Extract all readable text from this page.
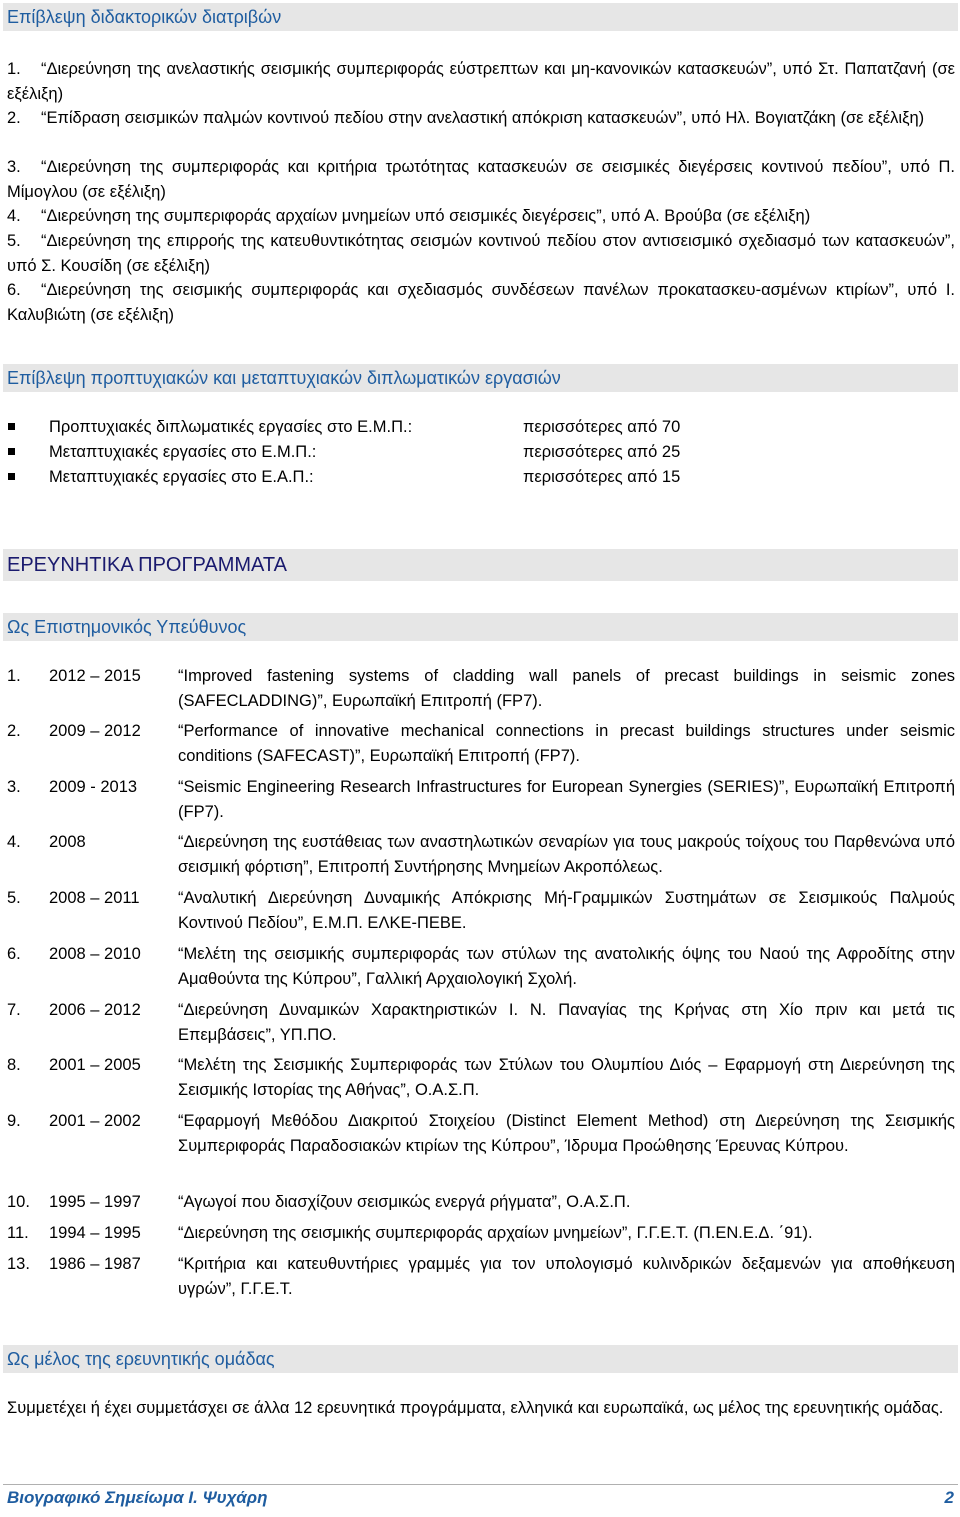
Επίβλεψη διδακτορικών διατριβών
1. “Διερεύνηση της ανελαστικής σεισμικής συμπεριφοράς εύστρεπτων και μη-κανονικών κατασκευών”, υπό Στ. Παπατζανή (σε εξέλιξη)
2. “Επίδραση σεισμικών παλμών κοντινού πεδίου στην ανελαστική απόκριση κατασκευών”, υπό Ηλ. Βογιατζάκη (σε εξέλιξη)
3. “Διερεύνηση της συμπεριφοράς και κριτήρια τρωτότητας κατασκευών σε σεισμικές διεγέρσεις κοντινού πεδίου”, υπό Π. Μίμογλου (σε εξέλιξη)
4. “Διερεύνηση της συμπεριφοράς αρχαίων μνημείων υπό σεισμικές διεγέρσεις”, υπό Α. Βρούβα (σε εξέλιξη)
5. “Διερεύνηση της επιρροής της κατευθυντικότητας σεισμών κοντινού πεδίου στον αντισεισμικό σχεδιασμό των κατασκευών”, υπό Σ. Κουσίδη (σε εξέλιξη)
6. “Διερεύνηση της σεισμικής συμπεριφοράς και σχεδιασμός συνδέσεων πανέλων προκατασκευ-ασμένων κτιρίων”, υπό Ι. Καλυβιώτη (σε εξέλιξη)
Επίβλεψη προπτυχιακών και μεταπτυχιακών διπλωματικών εργασιών
Προπτυχιακές διπλωματικές εργασίες στο Ε.Μ.Π.:	περισσότερες από 70
Μεταπτυχιακές εργασίες στο Ε.Μ.Π.:	περισσότερες από 25
Μεταπτυχιακές εργασίες στο Ε.Α.Π.:	περισσότερες από 15
ΕΡΕΥΝΗΤΙΚΑ ΠΡΟΓΡΑΜΜΑΤΑ
Ως Επιστημονικός Υπεύθυνος
1.	2012 – 2015	“Improved fastening systems of cladding wall panels of precast buildings in seismic zones (SAFECLADDING)”, Ευρωπαϊκή Επιτροπή (FP7).
2.	2009 – 2012	“Performance of innovative mechanical connections in precast buildings structures under seismic conditions (SAFECAST)”, Ευρωπαϊκή Επιτροπή (FP7).
3.	2009 - 2013	“Seismic Engineering Research Infrastructures for European Synergies (SERIES)”, Ευρωπαϊκή Επιτροπή (FP7).
4.	2008	“Διερεύνηση της ευστάθειας των αναστηλωτικών σεναρίων για τους μακρούς τοίχους του Παρθενώνα υπό σεισμική φόρτιση”, Επιτροπή Συντήρησης Μνημείων Ακροπόλεως.
5.	2008 – 2011	“Αναλυτική Διερεύνηση Δυναμικής Απόκρισης Μή-Γραμμικών Συστημάτων σε Σεισμικούς Παλμούς Κοντινού Πεδίου”, Ε.Μ.Π. ΕΛΚΕ-ΠΕΒΕ.
6.	2008 – 2010	“Μελέτη της σεισμικής συμπεριφοράς των στύλων της ανατολικής όψης του Ναού της Αφροδίτης στην Αμαθούντα της Κύπρου”, Γαλλική Αρχαιολογική Σχολή.
7.	2006 – 2012	“Διερεύνηση Δυναμικών Χαρακτηριστικών Ι. Ν. Παναγίας της Κρήνας στη Χίο πριν και μετά τις Επεμβάσεις”, ΥΠ.ΠΟ.
8.	2001 – 2005	“Μελέτη της Σεισμικής Συμπεριφοράς των Στύλων του Ολυμπίου Διός – Εφαρμογή στη Διερεύνηση της Σεισμικής Ιστορίας της Αθήνας”, Ο.Α.Σ.Π.
9.	2001 – 2002	“Εφαρμογή Μεθόδου Διακριτού Στοιχείου (Distinct Element Method) στη Διερεύνηση της Σεισμικής Συμπεριφοράς Παραδοσιακών κτιρίων της Κύπρου”, Ίδρυμα Προώθησης Έρευνας Κύπρου.
10.	1995 – 1997	“Αγωγοί που διασχίζουν σεισμικώς ενεργά ρήγματα”, Ο.Α.Σ.Π.
11.	1994 – 1995	“Διερεύνηση της σεισμικής συμπεριφοράς αρχαίων μνημείων”, Γ.Γ.Ε.Τ. (Π.ΕΝ.Ε.Δ. ΄91).
13.	1986 – 1987	“Κριτήρια και κατευθυντήριες γραμμές για τον υπολογισμό κυλινδρικών δεξαμενών για αποθήκευση υγρών”, Γ.Γ.Ε.Τ.
Ως μέλος της ερευνητικής ομάδας
Συμμετέχει ή έχει συμμετάσχει σε άλλα 12 ερευνητικά προγράμματα, ελληνικά και ευρωπαϊκά, ως μέλος της ερευνητικής ομάδας.
Βιογραφικό Σημείωμα Ι. Ψυχάρη	2
